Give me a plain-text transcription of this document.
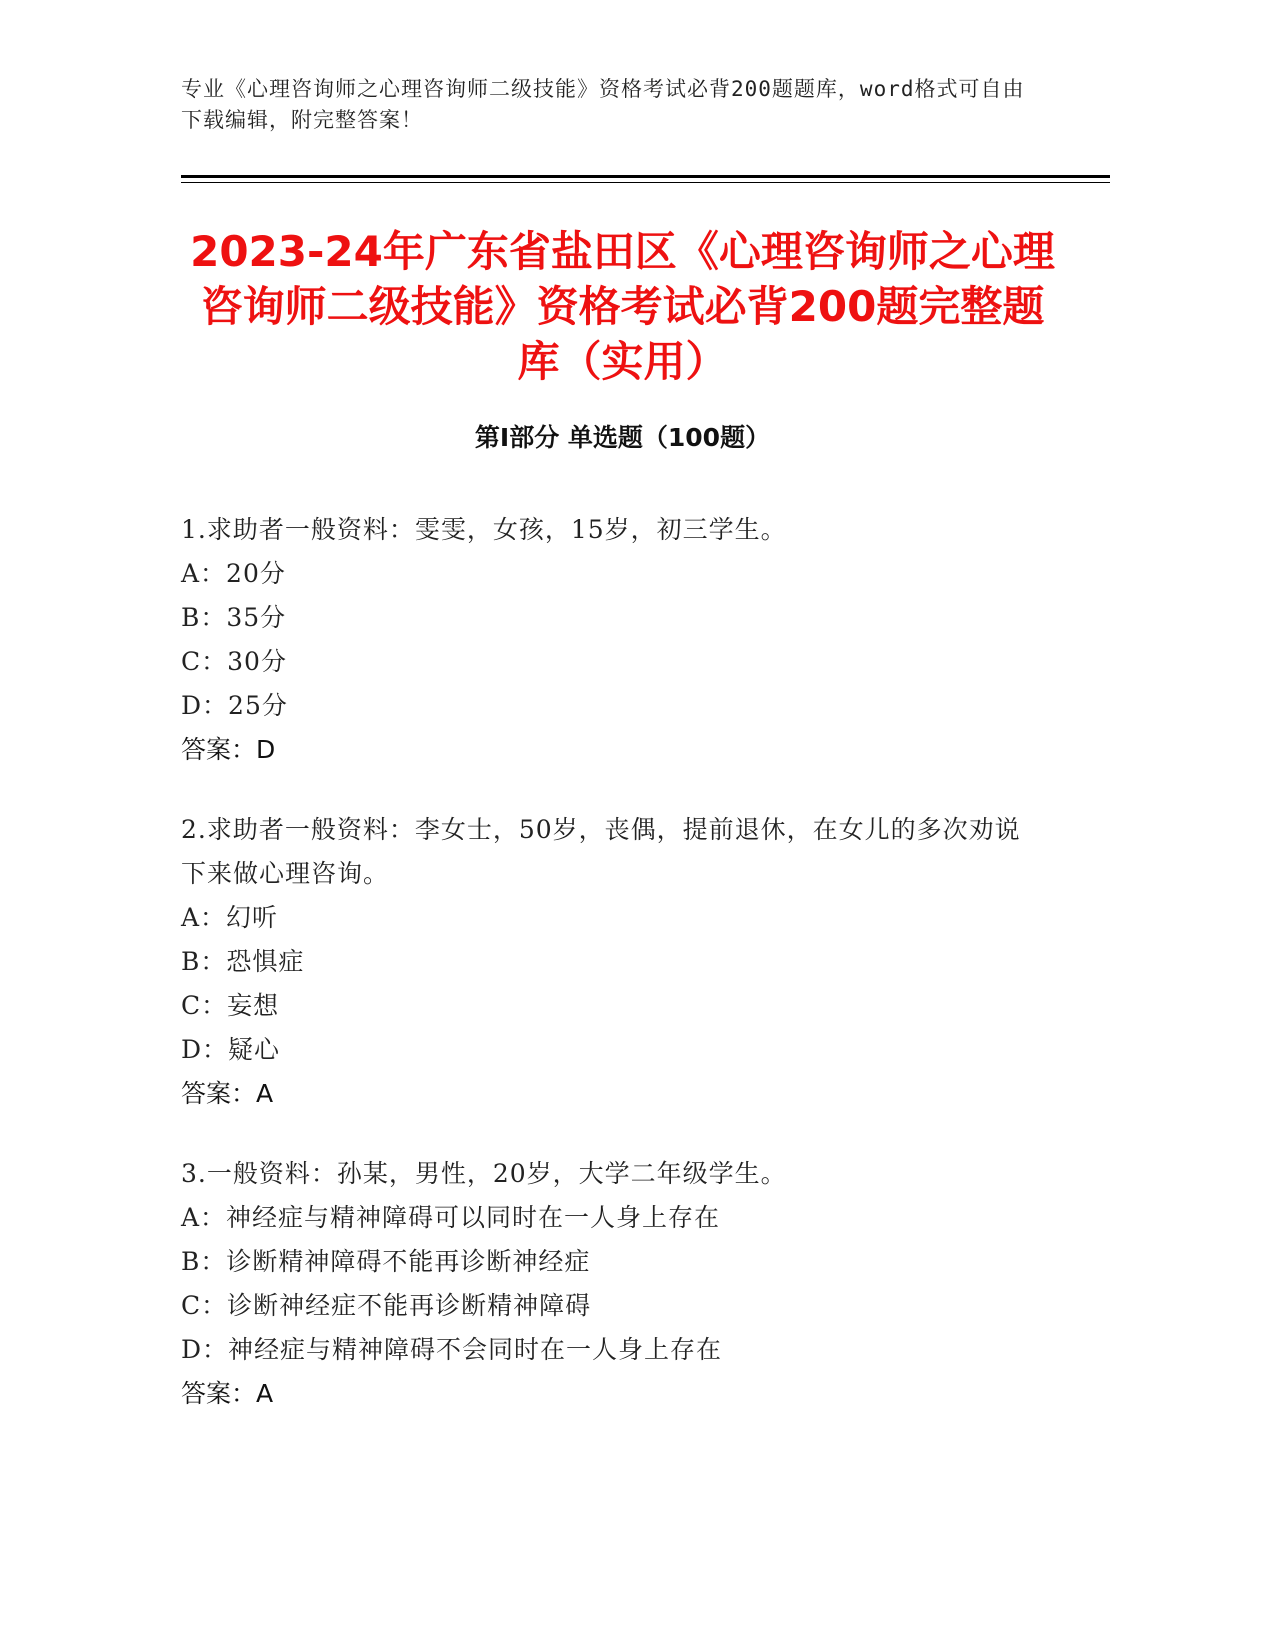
专业《心理咨询师之心理咨询师二级技能》资格考试必背200题题库，word格式可自由下载编辑，附完整答案！
2023-24年广东省盐田区《心理咨询师之心理咨询师二级技能》资格考试必背200题完整题库（实用）
第Ⅰ部分 单选题（100题）
1.求助者一般资料：雯雯，女孩，15岁，初三学生。
A：20分
B：35分
C：30分
D：25分
答案：D
2.求助者一般资料：李女士，50岁，丧偶，提前退休，在女儿的多次劝说下来做心理咨询。
A：幻听
B：恐惧症
C：妄想
D：疑心
答案：A
3.一般资料：孙某，男性，20岁，大学二年级学生。
A：神经症与精神障碍可以同时在一人身上存在
B：诊断精神障碍不能再诊断神经症
C：诊断神经症不能再诊断精神障碍
D：神经症与精神障碍不会同时在一人身上存在
答案：A
